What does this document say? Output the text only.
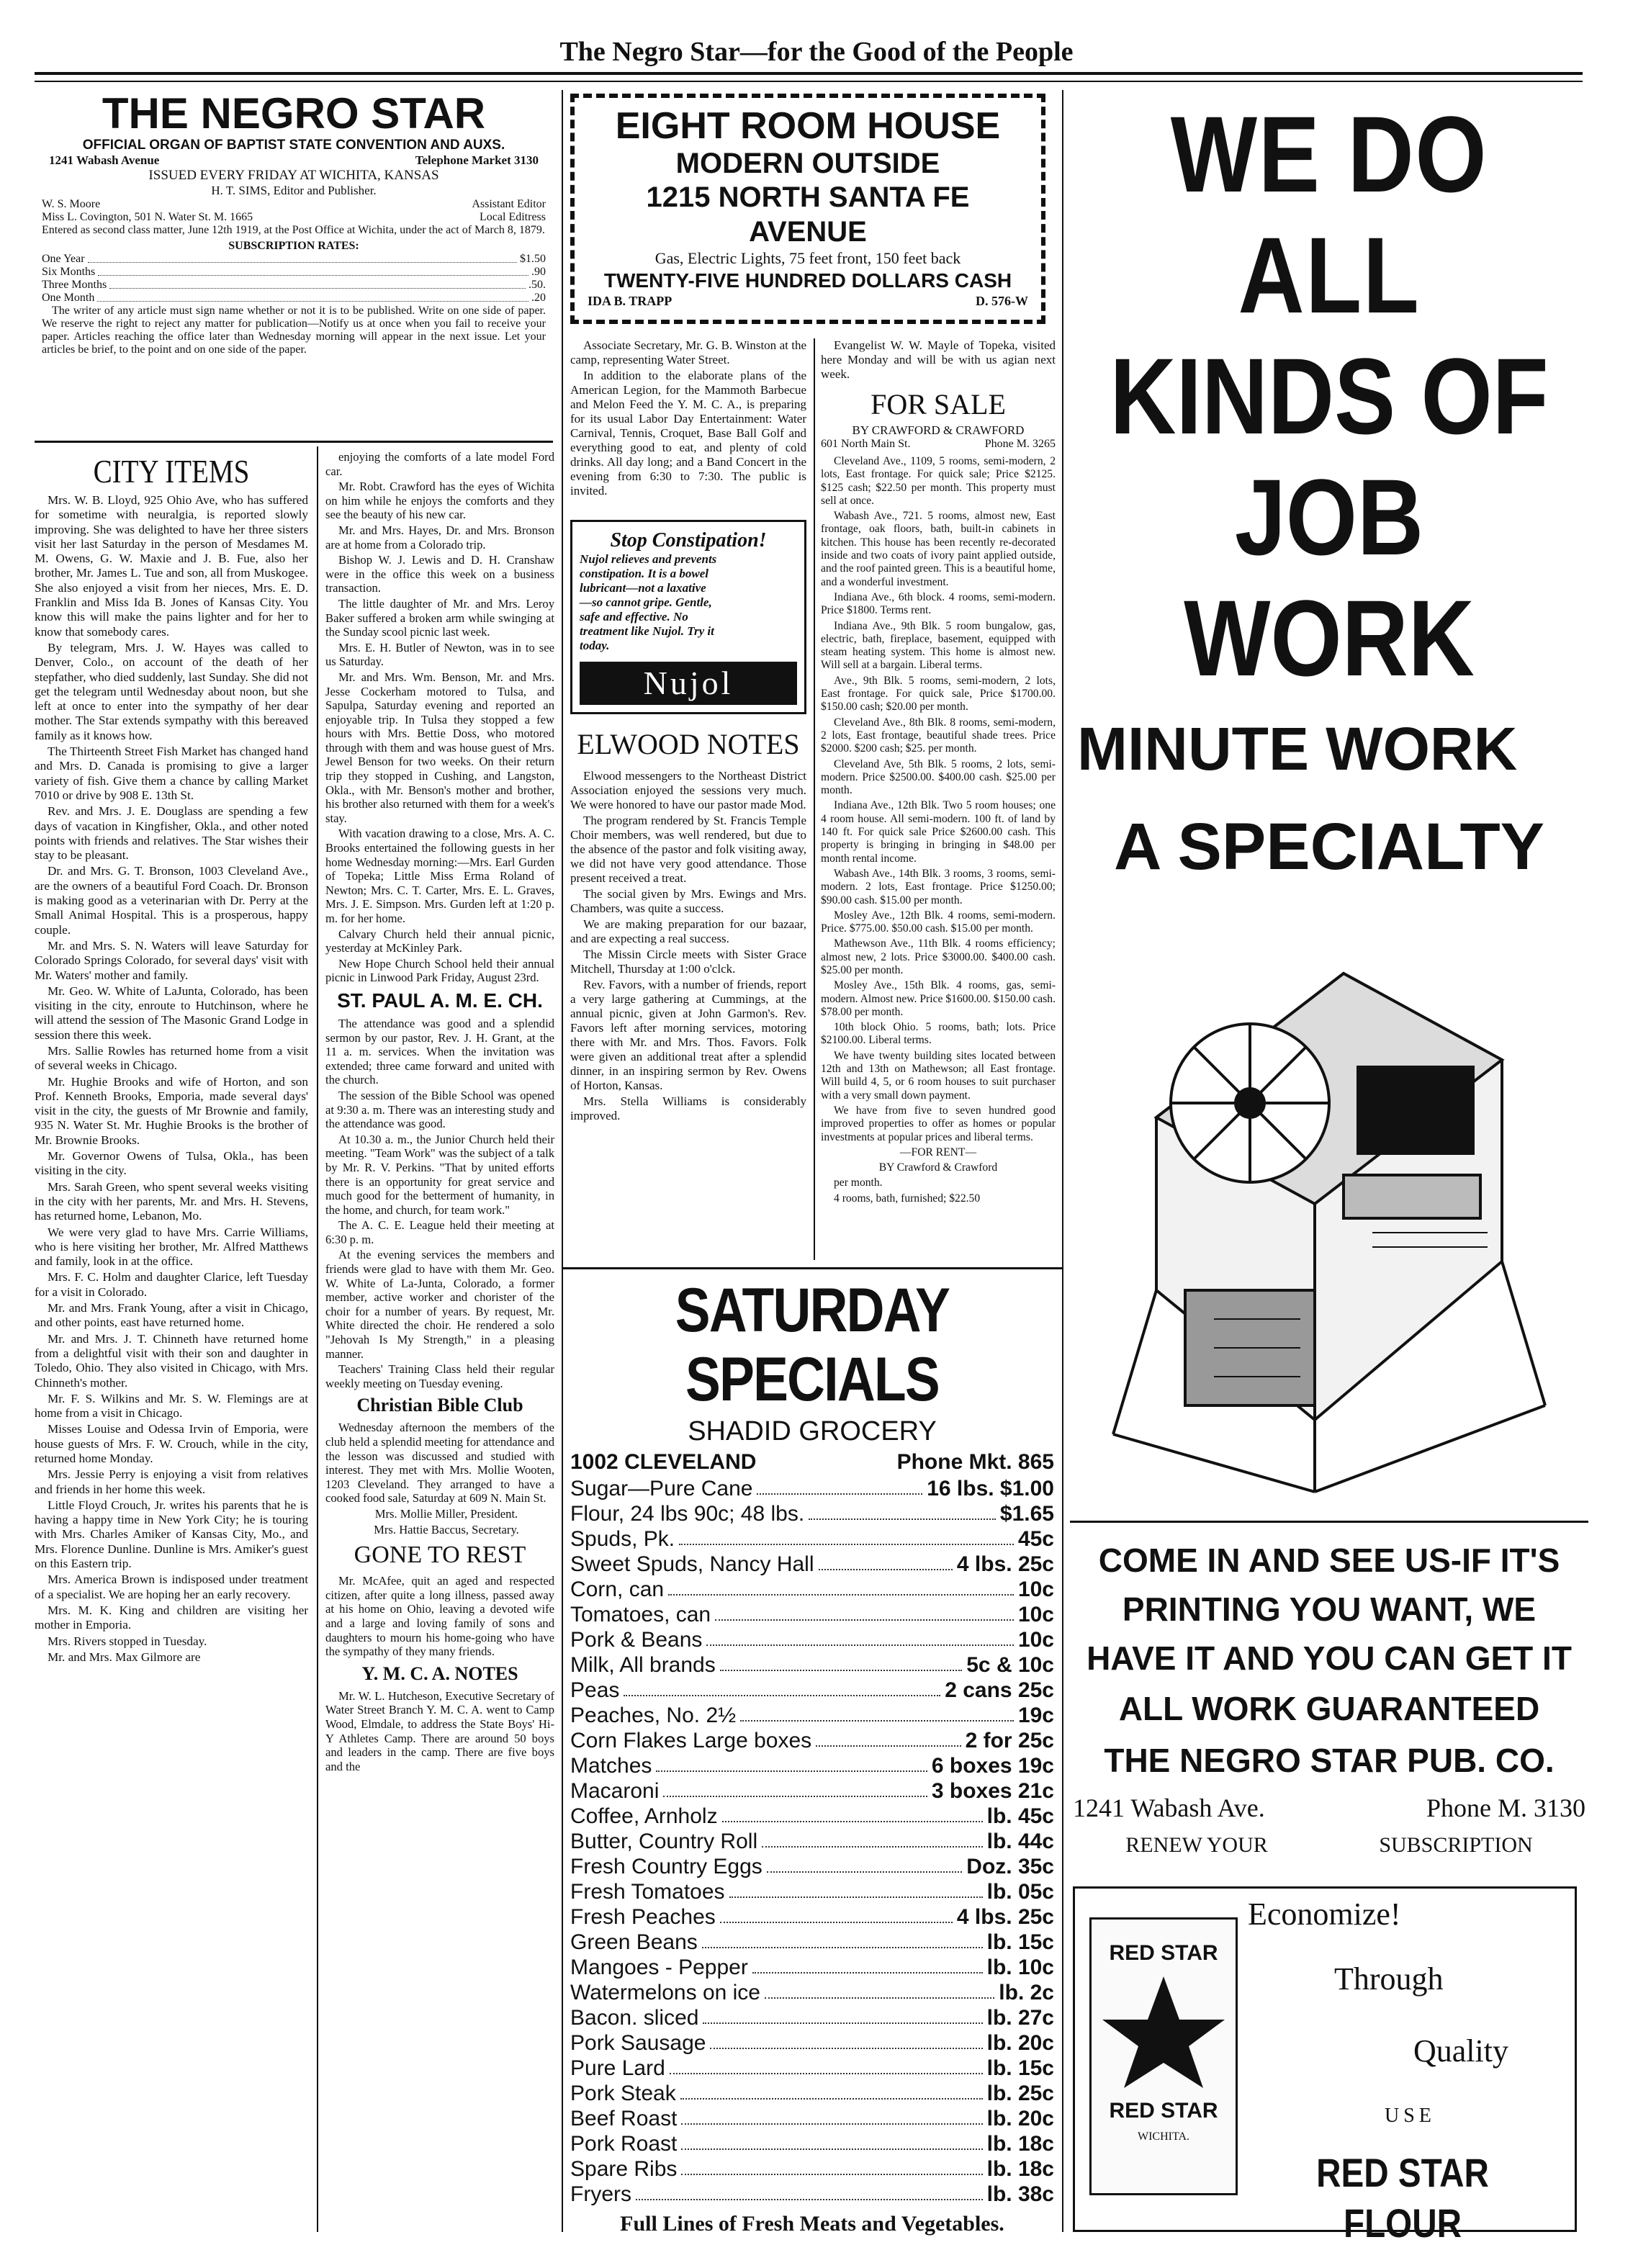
The Negro Star—for the Good of the People
THE NEGRO STAR
OFFICIAL ORGAN OF BAPTIST STATE CONVENTION AND AUXS.
1241 Wabash Avenue	Telephone Market 3130
ISSUED EVERY FRIDAY AT WICHITA, KANSAS
H. T. SIMS, Editor and Publisher.
W. S. Moore	Assistant Editor
Miss L. Covington, 501 N. Water St. M. 1665	Local Editress
Entered as second class matter, June 12th 1919, at the Post Office at Wichita, under the act of March 8, 1879.
SUBSCRIPTION RATES:
One Year	$1.50
Six Months	.90
Three Months	.50.
One Month	.20
The writer of any article must sign name whether or not it is to be published. Write on one side of paper. We reserve the right to reject any matter for publication—Notify us at once when you fail to receive your paper. Articles reaching the office later than Wednesday morning will appear in the next issue. Let your articles be brief, to the point and on one side of the paper.
EIGHT ROOM HOUSE
MODERN OUTSIDE
1215 NORTH SANTA FE AVENUE
Gas, Electric Lights, 75 feet front, 150 feet back
TWENTY-FIVE HUNDRED DOLLARS CASH
IDA B. TRAPP	D. 576-W
CITY ITEMS

Mrs. W. B. Lloyd, 925 Ohio Ave, who has suffered for sometime with neuralgia, is reported slowly improving. She was delighted to have her three sisters visit her last Saturday in the person of Mesdames M. M. Owens, G. W. Maxie and J. B. Fue, also her brother, Mr. James L. Tue and son, all from Muskogee. She also enjoyed a visit from her nieces, Mrs. E. D. Franklin and Miss Ida B. Jones of Kansas City. You know this will make the pains lighter and for her to know that somebody cares.

By telegram, Mrs. J. W. Hayes was called to Denver, Colo., on account of the death of her stepfather, who died suddenly, last Sunday. She did not get the telegram until Wednesday about noon, but she left at once to enter into the sympathy of her dear mother. The Star extends sympathy with this bereaved family as it knows how.

The Thirteenth Street Fish Market has changed hand and Mrs. D. Canada is promising to give a larger variety of fish. Give them a chance by calling Market 7010 or drive by 908 E. 13th St.

Rev. and Mrs. J. E. Douglass are spending a few days of vacation in Kingfisher, Okla., and other noted points with friends and relatives. The Star wishes their stay to be pleasant.

Dr. and Mrs. G. T. Bronson, 1003 Cleveland Ave., are the owners of a beautiful Ford Coach. Dr. Bronson is making good as a veterinarian with Dr. Perry at the Small Animal Hospital. This is a prosperous, happy couple.

Mr. and Mrs. S. N. Waters will leave Saturday for Colorado Springs Colorado, for several days' visit with Mr. Waters' mother and family.

Mr. Geo. W. White of LaJunta, Colorado, has been visiting in the city, enroute to Hutchinson, where he will attend the session of The Masonic Grand Lodge in session there this week.

Mrs. Sallie Rowles has returned home from a visit of several weeks in Chicago.

Mr. Hughie Brooks and wife of Horton, and son Prof. Kenneth Brooks, Emporia, made several days' visit in the city, the guests of Mr Brownie and family, 935 N. Water St. Mr. Hughie Brooks is the brother of Mr. Brownie Brooks.

Mr. Governor Owens of Tulsa, Okla., has been visiting in the city.

Mrs. Sarah Green, who spent several weeks visiting in the city with her parents, Mr. and Mrs. H. Stevens, has returned home, Lebanon, Mo.

We were very glad to have Mrs. Carrie Williams, who is here visiting her brother, Mr. Alfred Matthews and family, look in at the office.

Mrs. F. C. Holm and daughter Clarice, left Tuesday for a visit in Colorado.

Mr. and Mrs. Frank Young, after a visit in Chicago, and other points, east have returned home.

Mr. and Mrs. J. T. Chinneth have returned home from a delightful visit with their son and daughter in Toledo, Ohio. They also visited in Chicago, with Mrs. Chinneth's mother.

Mr. F. S. Wilkins and Mr. S. W. Flemings are at home from a visit in Chicago.

Misses Louise and Odessa Irvin of Emporia, were house guests of Mrs. F. W. Crouch, while in the city, returned home Monday.

Mrs. Jessie Perry is enjoying a visit from relatives and friends in her home this week.

Little Floyd Crouch, Jr. writes his parents that he is having a happy time in New York City; he is touring with Mrs. Charles Amiker of Kansas City, Mo., and Mrs. Florence Dunline. Dunline is Mrs. Amiker's guest on this Eastern trip.

Mrs. America Brown is indisposed under treatment of a specialist. We are hoping her an early recovery.

Mrs. M. K. King and children are visiting her mother in Emporia.

Mrs. Rivers stopped in Tuesday.

Mr. and Mrs. Max Gilmore are

enjoying the comforts of a late model Ford car.

Mr. Robt. Crawford has the eyes of Wichita on him while he enjoys the comforts and they see the beauty of his new car.

Mr. and Mrs. Hayes, Dr. and Mrs. Bronson are at home from a Colorado trip.

Bishop W. J. Lewis and D. H. Cranshaw were in the office this week on a business transaction.

The little daughter of Mr. and Mrs. Leroy Baker suffered a broken arm while swinging at the Sunday scool picnic last week.

Mrs. E. H. Butler of Newton, was in to see us Saturday.

Mr. and Mrs. Wm. Benson, Mr. and Mrs. Jesse Cockerham motored to Tulsa, and Sapulpa, Saturday evening and reported an enjoyable trip. In Tulsa they stopped a few hours with Mrs. Bettie Doss, who motored through with them and was house guest of Mrs. Jewel Benson for two weeks. On their return trip they stopped in Cushing, and Langston, Okla., with Mr. Benson's mother and brother, his brother also returned with them for a week's stay.

With vacation drawing to a close, Mrs. A. C. Brooks entertained the following guests in her home Wednesday morning:—Mrs. Earl Gurden of Topeka; Little Miss Erma Roland of Newton; Mrs. C. T. Carter, Mrs. E. L. Graves, Mrs. J. E. Simpson. Mrs. Gurden left at 1:20 p. m. for her home.

Calvary Church held their annual picnic, yesterday at McKinley Park.

New Hope Church School held their annual picnic in Linwood Park Friday, August 23rd.

ST. PAUL A. M. E. CH.

The attendance was good and a splendid sermon by our pastor, Rev. J. H. Grant, at the 11 a. m. services. When the invitation was extended; three came forward and united with the church.

The session of the Bible School was opened at 9:30 a. m. There was an interesting study and the attendance was good.

At 10.30 a. m., the Junior Church held their meeting. "Team Work" was the subject of a talk by Mr. R. V. Perkins. "That by united efforts there is an opportunity for great service and much good for the betterment of humanity, in the home, and church, for team work."

The A. C. E. League held their meeting at 6:30 p. m.

At the evening services the members and friends were glad to have with them Mr. Geo. W. White of La-Junta, Colorado, a former member, active worker and chorister of the choir for a number of years. By request, Mr. White directed the choir. He rendered a solo "Jehovah Is My Strength," in a pleasing manner.

Teachers' Training Class held their regular weekly meeting on Tuesday evening.

Christian Bible Club

Wednesday afternoon the members of the club held a splendid meeting for attendance and the lesson was discussed and studied with interest. They met with Mrs. Mollie Wooten, 1203 Cleveland. They arranged to have a cooked food sale, Saturday at 609 N. Main St.

Mrs. Mollie Miller, President.

Mrs. Hattie Baccus, Secretary.

GONE TO REST

Mr. McAfee, quit an aged and respected citizen, after quite a long illness, passed away at his home on Ohio, leaving a devoted wife and a large and loving family of sons and daughters to mourn his home-going who have the sympathy of they many friends.

Y. M. C. A. NOTES

Mr. W. L. Hutcheson, Executive Secretary of Water Street Branch Y. M. C. A. went to Camp Wood, Elmdale, to address the State Boys' Hi-Y Athletes Camp. There are around 50 boys and leaders in the camp. There are five boys and the

Associate Secretary, Mr. G. B. Winston at the camp, representing Water Street.

In addition to the elaborate plans of the American Legion, for the Mammoth Barbecue and Melon Feed the Y. M. C. A., is preparing for its usual Labor Day Entertainment: Water Carnival, Tennis, Croquet, Base Ball Golf and everything good to eat, and plenty of cold drinks. All day long; and a Band Concert in the evening from 6:30 to 7:30. The public is invited.

Stop Constipation!
Nujol relieves and prevents constipation. It is a bowel lubricant—not a laxative—so cannot gripe. Gentle, safe and effective. No treatment like Nujol. Try it today.
Nujol
ELWOOD NOTES

Elwood messengers to the Northeast District Association enjoyed the sessions very much. We were honored to have our pastor made Mod.

The program rendered by St. Francis Temple Choir members, was well rendered, but due to the absence of the pastor and folk visiting away, we did not have very good attendance. Those present received a treat.

The social given by Mrs. Ewings and Mrs. Chambers, was quite a success.

We are making preparation for our bazaar, and are expecting a real success.

The Missin Circle meets with Sister Grace Mitchell, Thursday at 1:00 o'clck.

Rev. Favors, with a number of friends, report a very large gathering at Cummings, at the annual picnic, given at John Garmon's. Rev. Favors left after morning services, motoring there with Mr. and Mrs. Thos. Favors. Folk were given an additional treat after a splendid dinner, in an inspiring sermon by Rev. Owens of Horton, Kansas.

Mrs. Stella Williams is considerably improved.

Evangelist W. W. Mayle of Topeka, visited here Monday and will be with us agian next week.

FOR SALE
BY CRAWFORD & CRAWFORD
601 North Main St.	Phone M. 3265

Cleveland Ave., 1109, 5 rooms, semi-modern, 2 lots, East frontage. For quick sale; Price $2125. $125 cash; $22.50 per month. This property must sell at once.

Wabash Ave., 721. 5 rooms, almost new, East frontage, oak floors, bath, built-in cabinets in kitchen. This house has been recently re-decorated inside and two coats of ivory paint applied outside, and the roof painted green. This is a beautiful home, and a wonderful investment.

Indiana Ave., 6th block. 4 rooms, semi-modern. Price $1800. Terms rent.

Indiana Ave., 9th Blk. 5 room bungalow, gas, electric, bath, fireplace, basement, equipped with steam heating system. This home is almost new. Will sell at a bargain. Liberal terms.

Ave., 9th Blk. 5 rooms, semi-modern, 2 lots, East frontage. For quick sale, Price $1700.00. $150.00 cash; $20.00 per month.

Cleveland Ave., 8th Blk. 8 rooms, semi-modern, 2 lots, East frontage, beautiful shade trees. Price $2000. $200 cash; $25. per month.

Cleveland Ave, 5th Blk. 5 rooms, 2 lots, semi-modern. Price $2500.00. $400.00 cash. $25.00 per month.

Indiana Ave., 12th Blk. Two 5 room houses; one 4 room house. All semi-modern. 100 ft. of land by 140 ft. For quick sale Price $2600.00 cash. This property is bringing in bringing in $48.00 per month rental income.

Wabash Ave., 14th Blk. 3 rooms, 3 rooms, semi-modern. 2 lots, East frontage. Price $1250.00; $90.00 cash. $15.00 per month.

Mosley Ave., 12th Blk. 4 rooms, semi-modern. Price. $775.00. $50.00 cash. $15.00 per month.

Mathewson Ave., 11th Blk. 4 rooms efficiency; almost new, 2 lots. Price $3000.00. $400.00 cash. $25.00 per month.

Mosley Ave., 15th Blk. 4 rooms, gas, semi-modern. Almost new. Price $1600.00. $150.00 cash. $78.00 per month.

10th block Ohio. 5 rooms, bath; lots. Price $2100.00. Liberal terms.

We have twenty building sites located between 12th and 13th on Mathewson; all East frontage. Will build 4, 5, or 6 room houses to suit purchaser with a very small down payment.

We have from five to seven hundred good improved properties to offer as homes or popular investments at popular prices and liberal terms.

—FOR RENT—

BY Crawford & Crawford

per month.

4 rooms, bath, furnished; $22.50

SATURDAY SPECIALS
SHADID GROCERY
1002 CLEVELAND	Phone Mkt. 865
Sugar—Pure Cane	16 lbs. $1.00
Flour, 24 lbs 90c; 48 lbs.	$1.65
Spuds, Pk.	45c
Sweet Spuds, Nancy Hall	4 lbs. 25c
Corn, can	10c
Tomatoes, can	10c
Pork & Beans	10c
Milk, All brands	5c & 10c
Peas	2 cans 25c
Peaches, No. 2½	19c
Corn Flakes Large boxes	2 for 25c
Matches	6 boxes 19c
Macaroni	3 boxes 21c
Coffee, Arnholz	lb. 45c
Butter, Country Roll	lb. 44c
Fresh Country Eggs	Doz. 35c
Fresh Tomatoes	lb. 05c
Fresh Peaches	4 lbs. 25c
Green Beans	lb. 15c
Mangoes - Pepper	lb. 10c
Watermelons on ice	lb. 2c
Bacon. sliced	lb. 27c
Pork Sausage	lb. 20c
Pure Lard	lb. 15c
Pork Steak	lb. 25c
Beef Roast	lb. 20c
Pork Roast	lb. 18c
Spare Ribs	lb. 18c
Fryers	lb. 38c
Full Lines of Fresh Meats and Vegetables.
WE DO ALL
KINDS OF
JOB WORK
MINUTE WORK
A SPECIALTY
COME IN AND SEE US-IF IT'S
PRINTING YOU WANT, WE
HAVE IT AND YOU CAN GET IT
ALL WORK GUARANTEED
THE NEGRO STAR PUB. CO.
1241 Wabash Ave.	Phone M. 3130
RENEW YOUR	SUBSCRIPTION
RED STAR
RED STAR
WICHITA.
Economize!
Through
Quality
USE
RED STAR FLOUR
